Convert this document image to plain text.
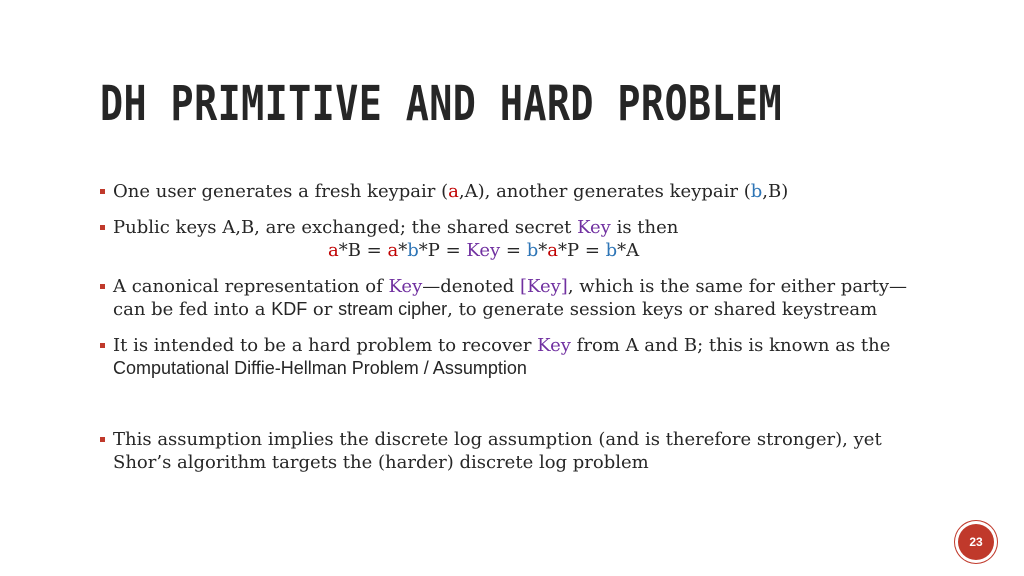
DH PRIMITIVE AND HARD PROBLEM
One user generates a fresh keypair (a,A), another generates keypair (b,B)
Public keys A,B, are exchanged; the shared secret Key is then
a*B = a*b*P = Key = b*a*P = b*A
A canonical representation of Key—denoted [Key], which is the same for either party—
can be fed into a KDF or stream cipher, to generate session keys or shared keystream
It is intended to be a hard problem to recover Key from A and B; this is known as the
Computational Diffie-Hellman Problem / Assumption
This assumption implies the discrete log assumption (and is therefore stronger), yet
Shor’s algorithm targets the (harder) discrete log problem
23
